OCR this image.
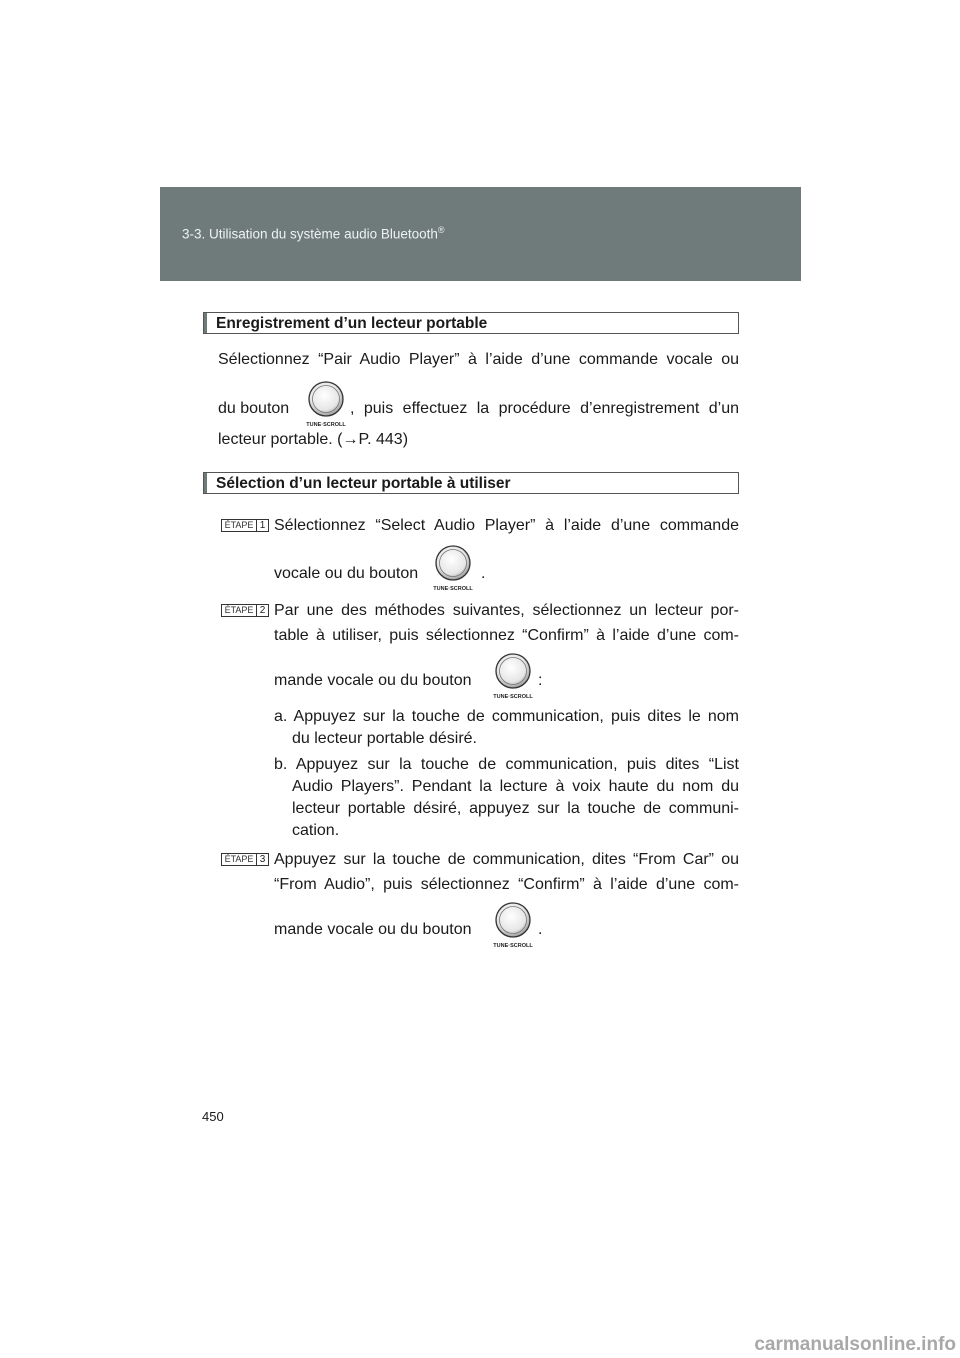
3-3. Utilisation du système audio Bluetooth®
Enregistrement d’un lecteur portable
Sélectionnez “Pair Audio Player” à l’aide d’une commande vocale ou
du bouton
TUNE·SCROLL
, puis effectuez la procédure d’enregistrement d’un
lecteur portable. (→P. 443)
Sélection d’un lecteur portable à utiliser
ÉTAPE 1 Sélectionnez “Select Audio Player” à l’aide d’une commande
vocale ou du bouton
TUNE·SCROLL
.
ÉTAPE 2 Par une des méthodes suivantes, sélectionnez un lecteur por-
table à utiliser, puis sélectionnez “Confirm” à l’aide d’une com-
mande vocale ou du bouton
TUNE·SCROLL
:
a. Appuyez sur la touche de communication, puis dites le nom
du lecteur portable désiré.
b. Appuyez sur la touche de communication, puis dites “List
Audio Players”. Pendant la lecture à voix haute du nom du
lecteur portable désiré, appuyez sur la touche de communi-
cation.
ÉTAPE 3 Appuyez sur la touche de communication, dites “From Car” ou
“From Audio”, puis sélectionnez “Confirm” à l’aide d’une com-
mande vocale ou du bouton
TUNE·SCROLL
.
450
carmanualsonline.info
